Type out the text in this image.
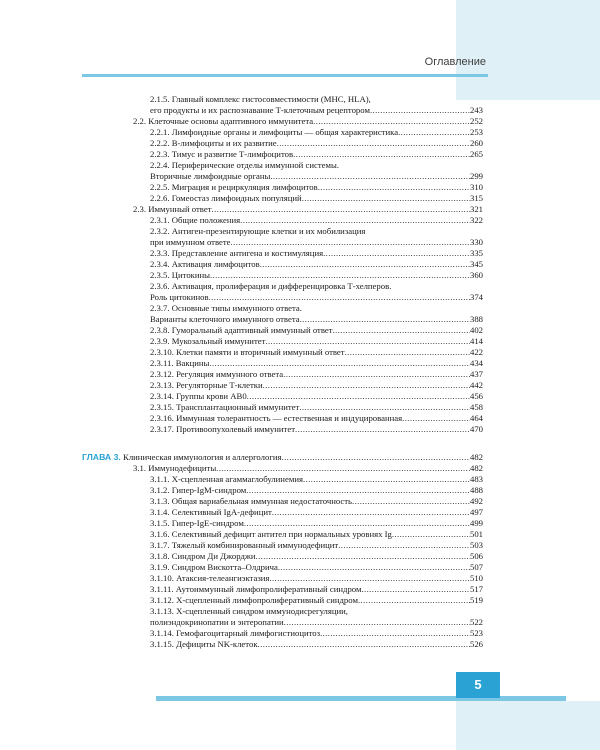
Оглавление
2.1.5. Главный комплекс гистосовместимости (MHC, HLA),
его продукты и их распознавание Т-клеточным рецептором .....	243
2.2. Клеточные основы адаптивного иммунитета .....	252
2.2.1. Лимфоидные органы и лимфоциты — общая характеристика .....	253
2.2.2. В-лимфоциты и их развитие .....	260
2.2.3. Тимус и развитие Т-лимфоцитов .....	265
2.2.4. Периферические отделы иммунной системы.
Вторичные лимфоидные органы .....	299
2.2.5. Миграция и рециркуляция лимфоцитов .....	310
2.2.6. Гомеостаз лимфоидных популяций .....	315
2.3. Иммунный ответ .....	321
2.3.1. Общие положения .....	322
2.3.2. Антиген-презентирующие клетки и их мобилизация
при иммунном ответе .....	330
2.3.3. Представление антигена и костимуляция .....	335
2.3.4. Активация лимфоцитов .....	345
2.3.5. Цитокины .....	360
2.3.6. Активация, пролиферация и дифференцировка Т-хелперов.
Роль цитокинов .....	374
2.3.7. Основные типы иммунного ответа.
Варианты клеточного иммунного ответа .....	388
2.3.8. Гуморальный адаптивный иммунный ответ .....	402
2.3.9. Мукозальный иммунитет .....	414
2.3.10. Клетки памяти и вторичный иммунный ответ .....	422
2.3.11. Вакцины .....	434
2.3.12. Регуляция иммунного ответа .....	437
2.3.13. Регуляторные Т-клетки .....	442
2.3.14. Группы крови АВ0 .....	456
2.3.15. Трансплантационный иммунитет .....	458
2.3.16. Иммунная толерантность — естественная и индуцированная .....	464
2.3.17. Противоопухолевый иммунитет .....	470
ГЛАВА 3. Клиническая иммунология и аллергология .....	482
3.1. Иммунодефициты .....	482
3.1.1. Х-сцепленная агаммаглобулинемия .....	483
3.1.2. Гипер-IgM-синдром .....	488
3.1.3. Общая вариабельная иммунная недостаточность .....	492
3.1.4. Селективный IgA-дефицит .....	497
3.1.5. Гипер-IgE-синдром .....	499
3.1.6. Селективный дефицит антител при нормальных уровнях Ig .....	501
3.1.7. Тяжелый комбинированный иммунодефицит .....	503
3.1.8. Синдром Ди Джорджи .....	506
3.1.9. Синдром Вискотта–Олдрича .....	507
3.1.10. Атаксия-телеангиэктазия .....	510
3.1.11. Аутоиммунный лимфопролиферативный синдром .....	517
3.1.12. Х-сцепленный лимфопролиферативный синдром .....	519
3.1.13. Х-сцепленный синдром иммунодисрегуляции,
полиэндокринопатии и энтеропатии .....	522
3.1.14. Гемофагоцитарный лимфогистиоцитоз .....	523
3.1.15. Дефициты NK-клеток .....	526
5
